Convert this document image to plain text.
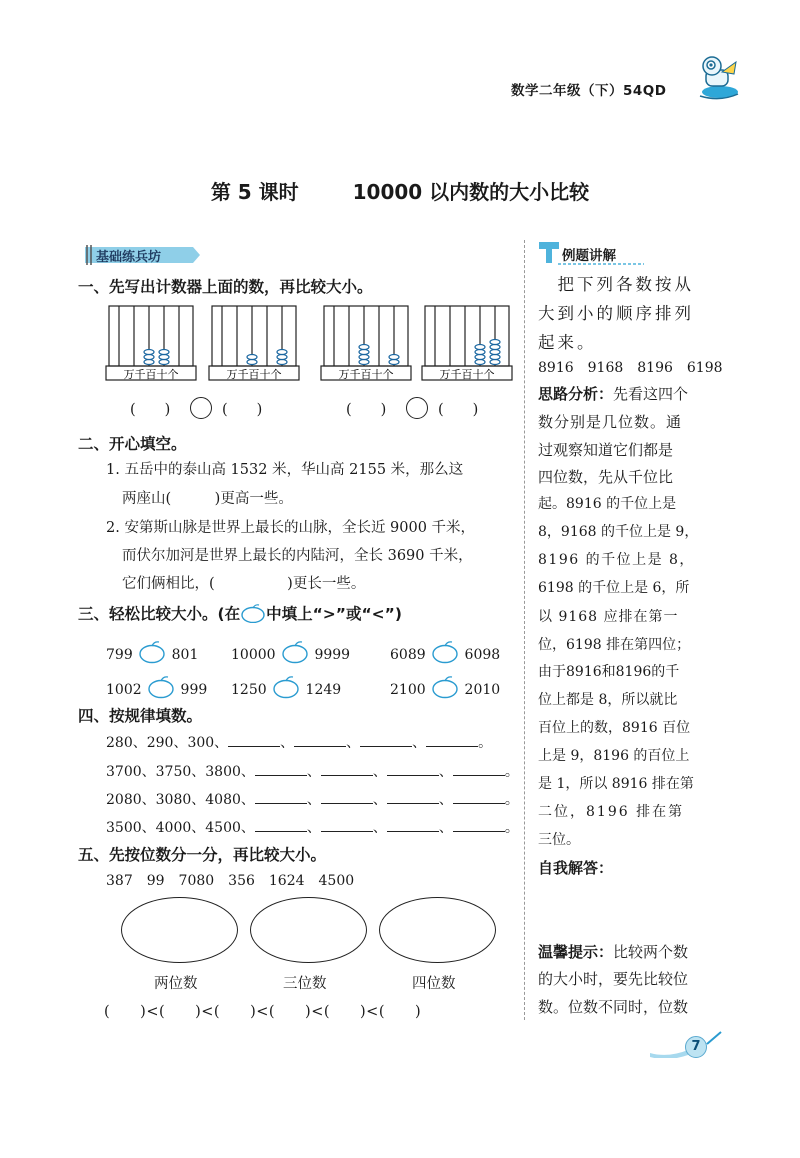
数学二年级（下）54QD
第 5 课时	10000 以内数的大小比较
基础练兵坊
一、先写出计数器上面的数，再比较大小。
万千百十个	万千百十个	万千百十个	万千百十个
(　　)	(　　)	(　　)	(　　)
二、开心填空。
1. 五岳中的泰山高 1532 米，华山高 2155 米，那么这
两座山(　　　)更高一些。
2. 安第斯山脉是世界上最长的山脉，全长近 9000 千米，
而伏尔加河是世界上最长的内陆河，全长 3690 千米，
它们俩相比，(　　　　　)更长一些。
三、轻松比较大小。(在 中填上“>”或“<”)
799	801 10000	9999	6089	6098
1002	999 1250	1249	2100	2010
四、按规律填数。
280、290、300、	、	、	、	。
3700、3750、3800、	、	、	、	。
2080、3080、4080、	、	、	、	。
3500、4000、4500、	、	、	、	。
五、先按位数分一分，再比较大小。
387　99　7080　356　1624　4500
两位数	三位数	四位数
(　　)<(　　)<(　　)<(　　)<(　　)<(　　)
例题讲解
　把下列各数按从
大到小的顺序排列
起来。
8916　9168　8196　6198
思路分析：先看这四个
数分别是几位数。通
过观察知道它们都是
四位数，先从千位比
起。8916 的千位上是
8，9168 的千位上是 9，
8196 的千位上是 8，
6198 的千位上是 6，所
以 9168 应排在第一
位，6198 排在第四位；
由于8916和8196的千
位上都是 8，所以就比
百位上的数，8916 百位
上是 9，8196 的百位上
是 1，所以 8916 排在第
二位，8196 排在第
三位。
自我解答：
温馨提示：比较两个数
的大小时，要先比较位
数。位数不同时，位数
7
